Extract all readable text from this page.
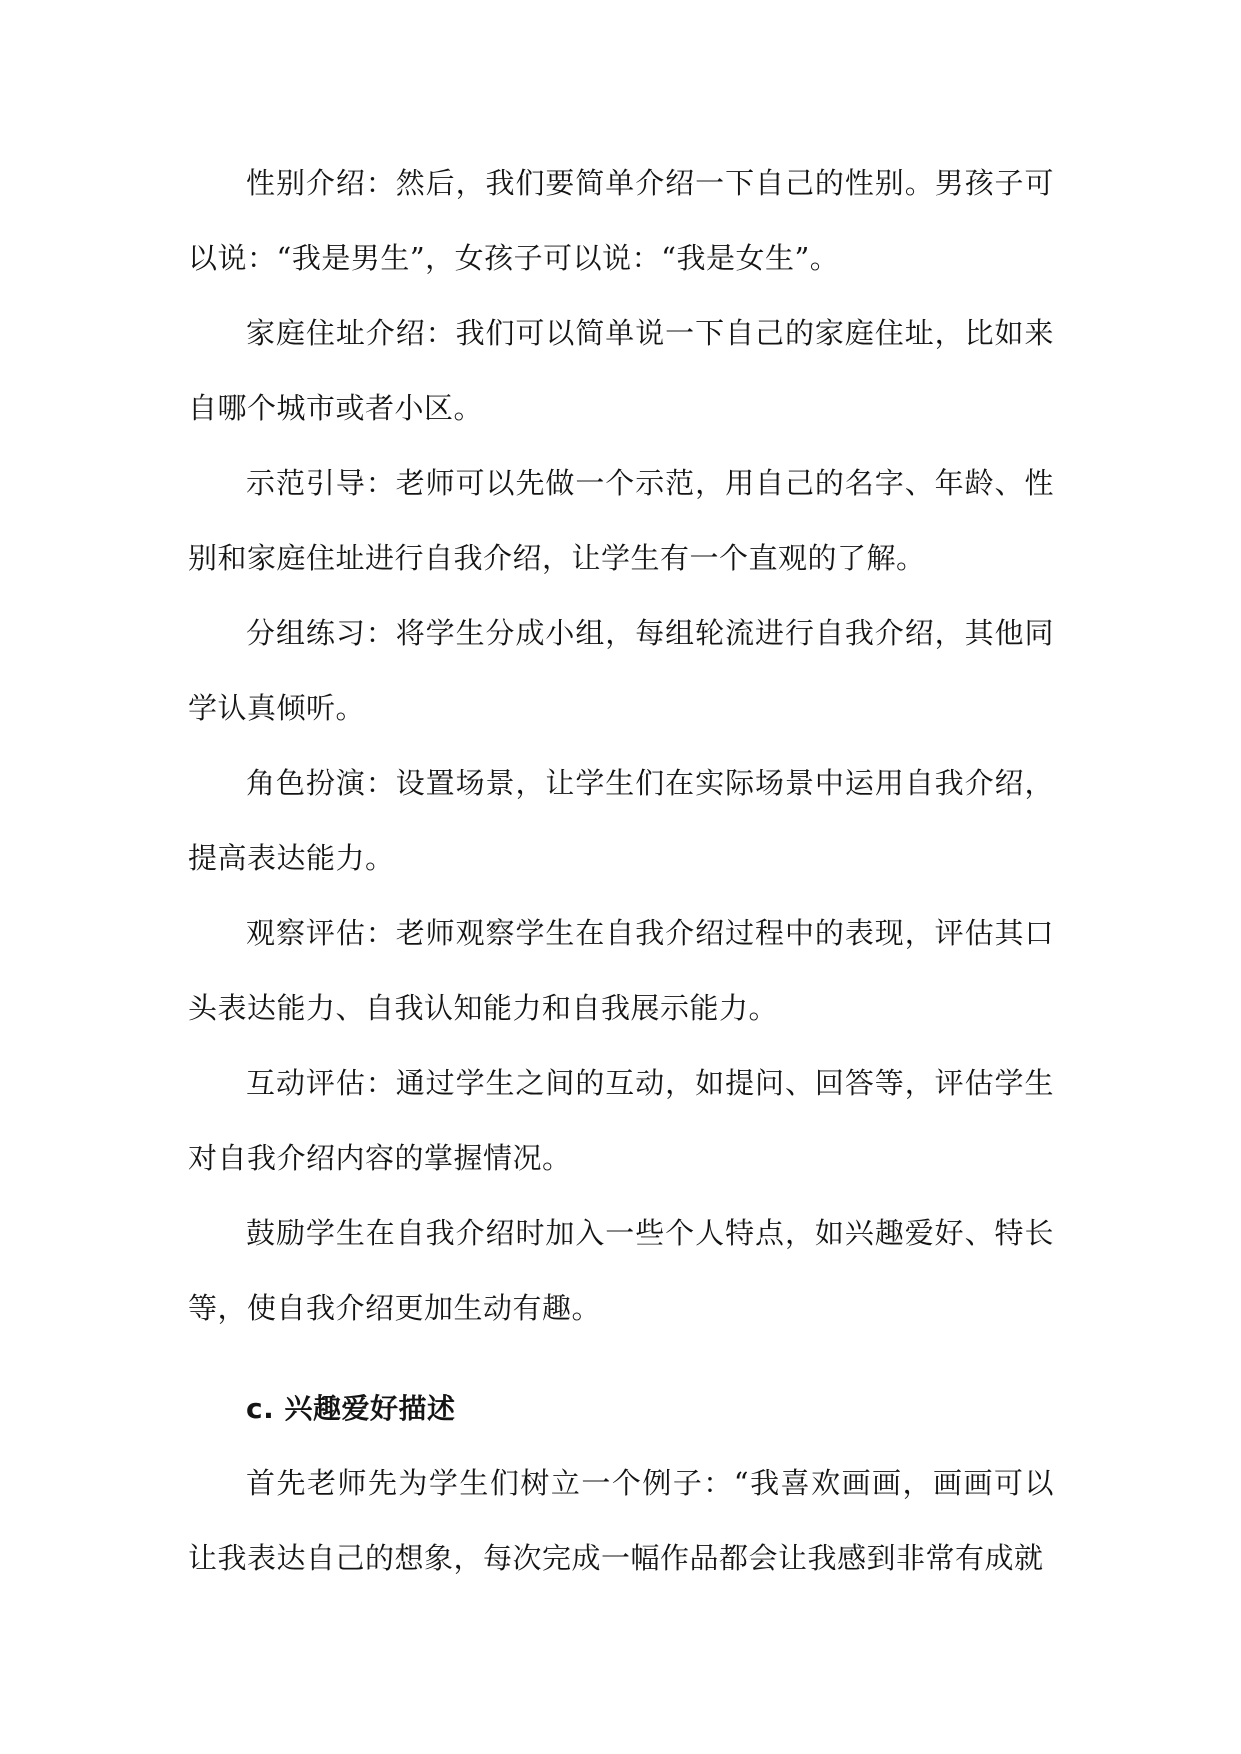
性别介绍：然后，我们要简单介绍一下自己的性别。男孩子可以说：“我是男生”，女孩子可以说：“我是女生”。

家庭住址介绍：我们可以简单说一下自己的家庭住址，比如来自哪个城市或者小区。

示范引导：老师可以先做一个示范，用自己的名字、年龄、性别和家庭住址进行自我介绍，让学生有一个直观的了解。

分组练习：将学生分成小组，每组轮流进行自我介绍，其他同学认真倾听。

角色扮演：设置场景，让学生们在实际场景中运用自我介绍，提高表达能力。

观察评估：老师观察学生在自我介绍过程中的表现，评估其口头表达能力、自我认知能力和自我展示能力。

互动评估：通过学生之间的互动，如提问、回答等，评估学生对自我介绍内容的掌握情况。

鼓励学生在自我介绍时加入一些个人特点，如兴趣爱好、特长等，使自我介绍更加生动有趣。

c. 兴趣爱好描述

首先老师先为学生们树立一个例子：“我喜欢画画，画画可以让我表达自己的想象，每次完成一幅作品都会让我感到非常有成就
